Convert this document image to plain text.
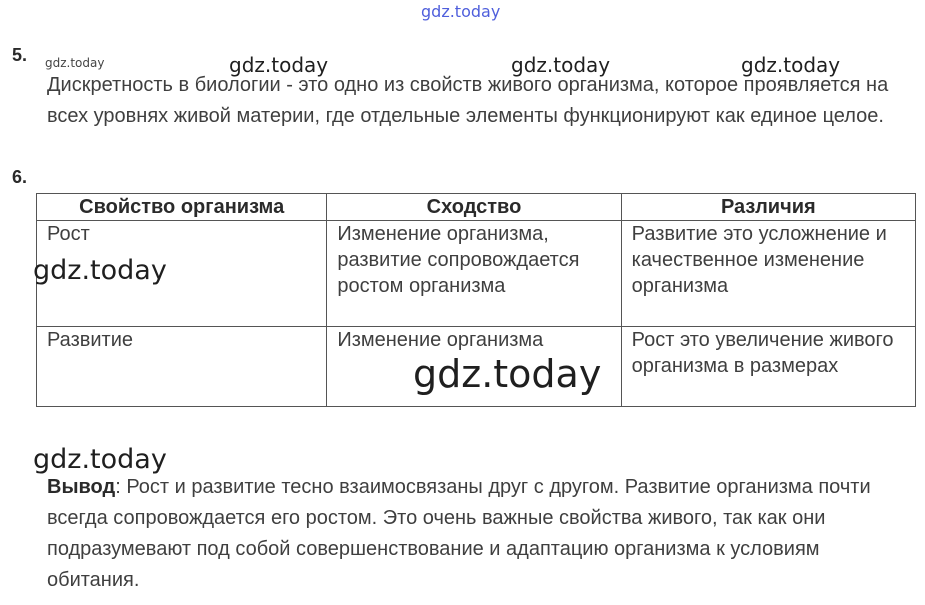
gdz.today
5. gdz.today
Дискретность в биологии - это одно из свойств живого организма, которое проявляется на всех уровнях живой материи, где отдельные элементы функционируют как единое целое.
6.
Свойство организма	Сходство	Различия
Рост	Изменение организма, развитие сопровождается ростом организма	Развитие это усложнение и качественное изменение организма
Развитие	Изменение организма	Рост это увеличение живого организма в размерах
Вывод: Рост и развитие тесно взаимосвязаны друг с другом. Развитие организма почти всегда сопровождается его ростом. Это очень важные свойства живого, так как они подразумевают под собой совершенствование и адаптацию организма к условиям обитания.
gdz.today	gdz.today	gdz.today
gdz.today
gdz.today
gdz.today
